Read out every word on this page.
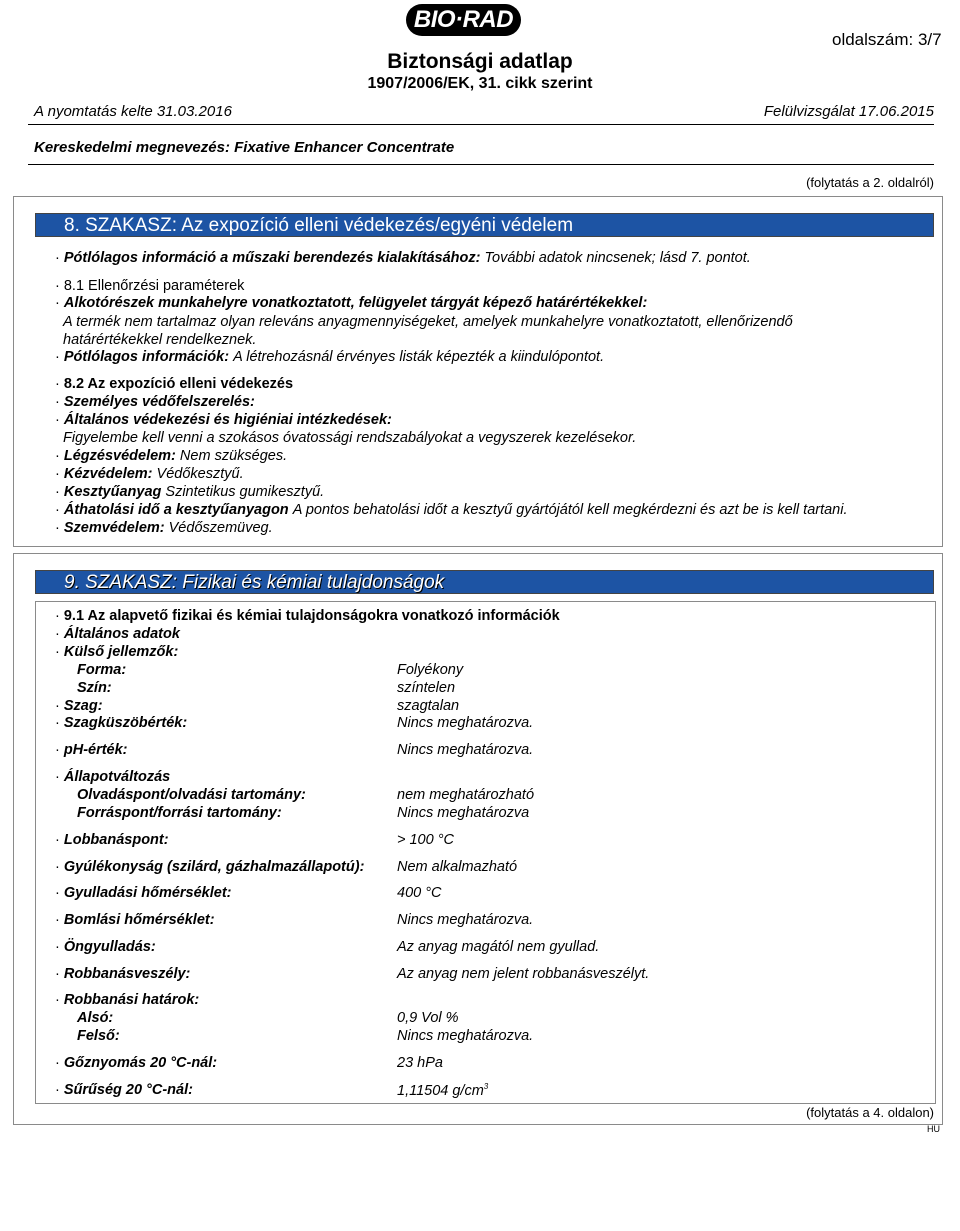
BIO·RAD
oldalszám: 3/7
Biztonsági adatlap
1907/2006/EK, 31. cikk szerint
A nyomtatás kelte 31.03.2016	Felülvizsgálat 17.06.2015
Kereskedelmi megnevezés: Fixative Enhancer Concentrate
(folytatás a 2. oldalról)
8. SZAKASZ: Az expozíció elleni védekezés/egyéni védelem
· Pótlólagos információ a műszaki berendezés kialakításához: További adatok nincsenek; lásd 7. pontot.
· 8.1 Ellenőrzési paraméterek
· Alkotórészek munkahelyre vonatkoztatott, felügyelet tárgyát képező határértékekkel:
A termék nem tartalmaz olyan releváns anyagmennyiségeket, amelyek munkahelyre vonatkoztatott, ellenőrizendő
határértékekkel rendelkeznek.
· Pótlólagos információk: A létrehozásnál érvényes listák képezték a kiindulópontot.
· 8.2 Az expozíció elleni védekezés
· Személyes védőfelszerelés:
· Általános védekezési és higiéniai intézkedések:
Figyelembe kell venni a szokásos óvatossági rendszabályokat a vegyszerek kezelésekor.
· Légzésvédelem: Nem szükséges.
· Kézvédelem: Védőkesztyű.
· Kesztyűanyag Szintetikus gumikesztyű.
· Áthatolási idő a kesztyűanyagon A pontos behatolási időt a kesztyű gyártójától kell megkérdezni és azt be is kell tartani.
· Szemvédelem: Védőszemüveg.
9. SZAKASZ: Fizikai és kémiai tulajdonságok
· 9.1 Az alapvető fizikai és kémiai tulajdonságokra vonatkozó információk
· Általános adatok
· Külső jellemzők:
Forma:	Folyékony
Szín:	színtelen
· Szag:	szagtalan
· Szagküszöbérték:	Nincs meghatározva.
· pH-érték:	Nincs meghatározva.
· Állapotváltozás
Olvadáspont/olvadási tartomány:	nem meghatározható
Forráspont/forrási tartomány:	Nincs meghatározva
· Lobbanáspont:	> 100 °C
· Gyúlékonyság (szilárd, gázhalmazállapotú): Nem alkalmazható
· Gyulladási hőmérséklet:	400 °C
· Bomlási hőmérséklet:	Nincs meghatározva.
· Öngyulladás:	Az anyag magától nem gyullad.
· Robbanásveszély:	Az anyag nem jelent robbanásveszélyt.
· Robbanási határok:
Alsó:	0,9 Vol %
Felső:	Nincs meghatározva.
· Gőznyomás 20 °C-nál:	23 hPa
· Sűrűség 20 °C-nál:	1,11504 $g/cm^3$
(folytatás a 4. oldalon)
HU
